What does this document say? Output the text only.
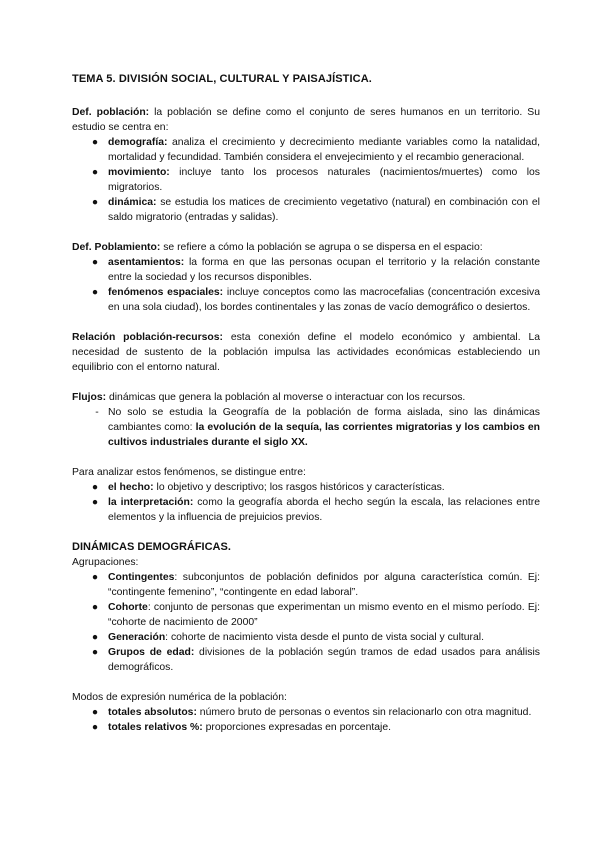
TEMA 5. DIVISIÓN SOCIAL, CULTURAL Y PAISAJÍSTICA.

Def. población: la población se define como el conjunto de seres humanos en un territorio. Su estudio se centra en:

● demografía: analiza el crecimiento y decrecimiento mediante variables como la natalidad, mortalidad y fecundidad. También considera el envejecimiento y el recambio generacional.
● movimiento: incluye tanto los procesos naturales (nacimientos/muertes) como los migratorios.
● dinámica: se estudia los matices de crecimiento vegetativo (natural) en combinación con el saldo migratorio (entradas y salidas).

Def. Poblamiento: se refiere a cómo la población se agrupa o se dispersa en el espacio:

● asentamientos: la forma en que las personas ocupan el territorio y la relación constante entre la sociedad y los recursos disponibles.
● fenómenos espaciales: incluye conceptos como las macrocefalias (concentración excesiva en una sola ciudad), los bordes continentales y las zonas de vacío demográfico o desiertos.

Relación población-recursos: esta conexión define el modelo económico y ambiental. La necesidad de sustento de la población impulsa las actividades económicas estableciendo un equilibrio con el entorno natural.

Flujos: dinámicas que genera la población al moverse o interactuar con los recursos.

- No solo se estudia la Geografía de la población de forma aislada, sino las dinámicas cambiantes como: la evolución de la sequía, las corrientes migratorias y los cambios en cultivos industriales durante el siglo XX.

Para analizar estos fenómenos, se distingue entre:

● el hecho: lo objetivo y descriptivo; los rasgos históricos y características.
● la interpretación: como la geografía aborda el hecho según la escala, las relaciones entre elementos y la influencia de prejuicios previos.
DINÁMICAS DEMOGRÁFICAS.

Agrupaciones:

● Contingentes: subconjuntos de población definidos por alguna característica común. Ej: “contingente femenino”, “contingente en edad laboral”.
● Cohorte: conjunto de personas que experimentan un mismo evento en el mismo período. Ej: “cohorte de nacimiento de 2000”
● Generación: cohorte de nacimiento vista desde el punto de vista social y cultural.
● Grupos de edad: divisiones de la población según tramos de edad usados para análisis demográficos.

Modos de expresión numérica de la población:

● totales absolutos: número bruto de personas o eventos sin relacionarlo con otra magnitud.
● totales relativos %: proporciones expresadas en porcentaje.
